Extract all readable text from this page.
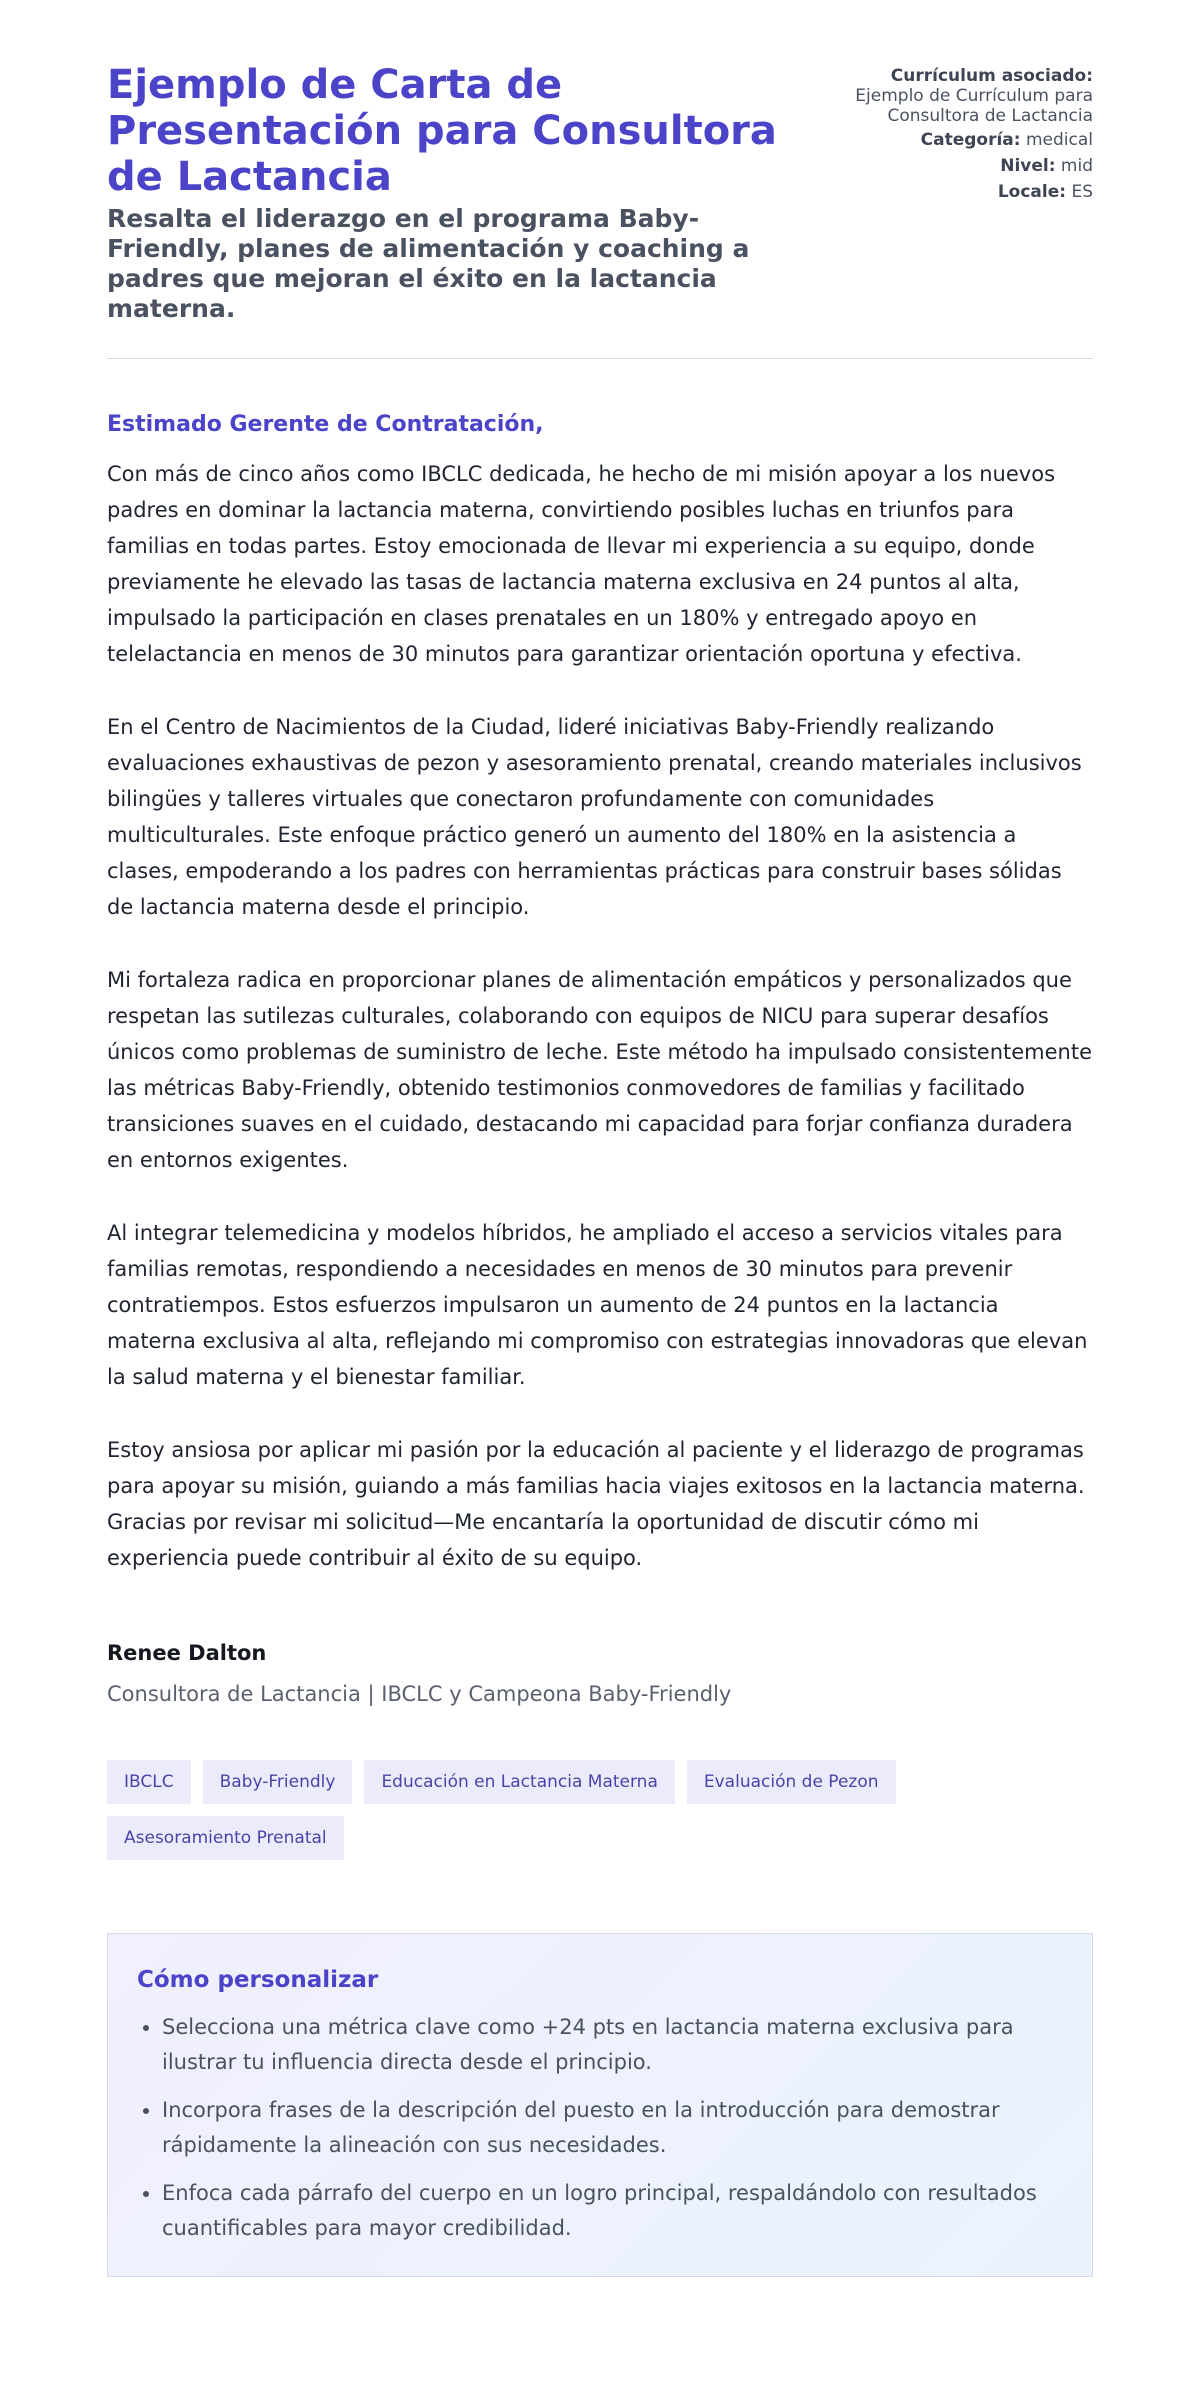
Ejemplo de Carta de Presentación para Consultora de Lactancia
Resalta el liderazgo en el programa Baby-Friendly, planes de alimentación y coaching a padres que mejoran el éxito en la lactancia materna.
Currículum asociado:
Ejemplo de Currículum para Consultora de Lactancia
Categoría: medical
Nivel: mid
Locale: ES
Estimado Gerente de Contratación,

Con más de cinco años como IBCLC dedicada, he hecho de mi misión apoyar a los nuevos padres en dominar la lactancia materna, convirtiendo posibles luchas en triunfos para familias en todas partes. Estoy emocionada de llevar mi experiencia a su equipo, donde previamente he elevado las tasas de lactancia materna exclusiva en 24 puntos al alta, impulsado la participación en clases prenatales en un 180% y entregado apoyo en telelactancia en menos de 30 minutos para garantizar orientación oportuna y efectiva.

En el Centro de Nacimientos de la Ciudad, lideré iniciativas Baby-Friendly realizando evaluaciones exhaustivas de pezon y asesoramiento prenatal, creando materiales inclusivos bilingües y talleres virtuales que conectaron profundamente con comunidades multiculturales. Este enfoque práctico generó un aumento del 180% en la asistencia a clases, empoderando a los padres con herramientas prácticas para construir bases sólidas de lactancia materna desde el principio.

Mi fortaleza radica en proporcionar planes de alimentación empáticos y personalizados que respetan las sutilezas culturales, colaborando con equipos de NICU para superar desafíos únicos como problemas de suministro de leche. Este método ha impulsado consistentemente las métricas Baby-Friendly, obtenido testimonios conmovedores de familias y facilitado transiciones suaves en el cuidado, destacando mi capacidad para forjar confianza duradera en entornos exigentes.

Al integrar telemedicina y modelos híbridos, he ampliado el acceso a servicios vitales para familias remotas, respondiendo a necesidades en menos de 30 minutos para prevenir contratiempos. Estos esfuerzos impulsaron un aumento de 24 puntos en la lactancia materna exclusiva al alta, reflejando mi compromiso con estrategias innovadoras que elevan la salud materna y el bienestar familiar.

Estoy ansiosa por aplicar mi pasión por la educación al paciente y el liderazgo de programas para apoyar su misión, guiando a más familias hacia viajes exitosos en la lactancia materna. Gracias por revisar mi solicitud—Me encantaría la oportunidad de discutir cómo mi experiencia puede contribuir al éxito de su equipo.

Renee Dalton
Consultora de Lactancia | IBCLC y Campeona Baby-Friendly
IBCLC	Baby-Friendly	Educación en Lactancia Materna	Evaluación de Pezon
Asesoramiento Prenatal
Cómo personalizar
• Selecciona una métrica clave como +24 pts en lactancia materna exclusiva para ilustrar tu influencia directa desde el principio.
• Incorpora frases de la descripción del puesto en la introducción para demostrar rápidamente la alineación con sus necesidades.
• Enfoca cada párrafo del cuerpo en un logro principal, respaldándolo con resultados cuantificables para mayor credibilidad.
